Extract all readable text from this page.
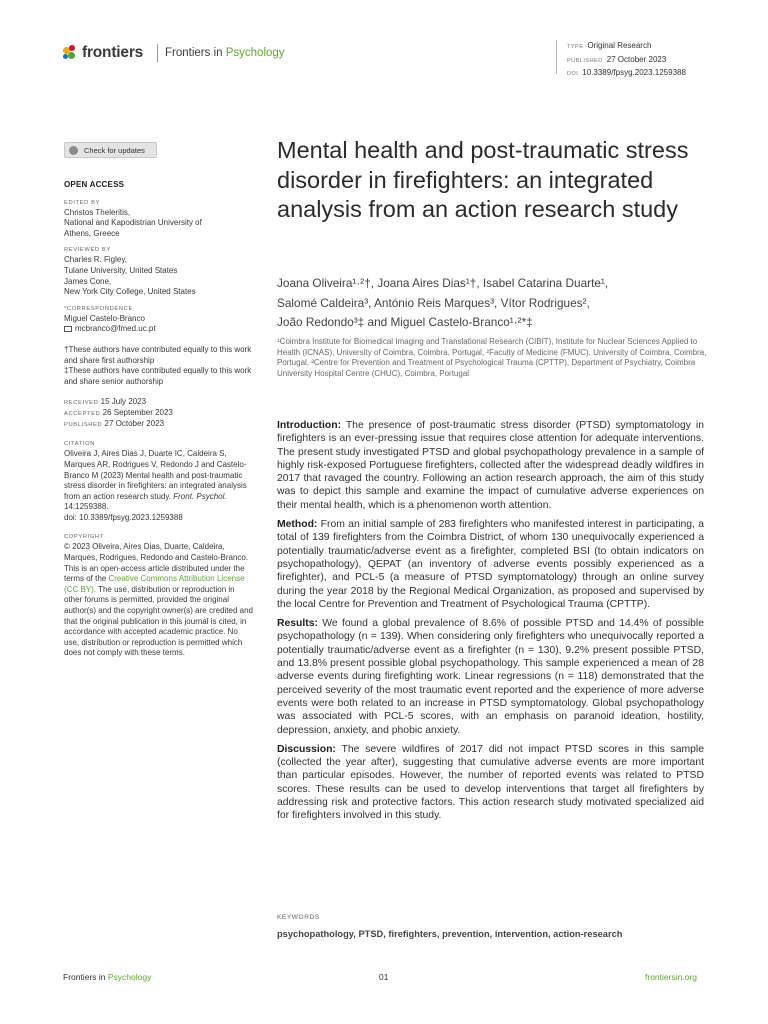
frontiers Frontiers in Psychology	TYPE Original Research
PUBLISHED 27 October 2023
DOI 10.3389/fpsyg.2023.1259388
Check for updates
OPEN ACCESS
EDITED BY
Christos Theleritis,
National and Kapodistrian University of
Athens, Greece
REVIEWED BY
Charles R. Figley,
Tulane University, United States
James Cone,
New York City College, United States
*CORRESPONDENCE
Miguel Castelo-Branco
mcbranco@fmed.uc.pt
†These authors have contributed equally to this work and share first authorship
‡These authors have contributed equally to this work and share senior authorship
RECEIVED 15 July 2023
ACCEPTED 26 September 2023
PUBLISHED 27 October 2023
CITATION
Oliveira J, Aires Dias J, Duarte IC, Caldeira S, Marques AR, Rodrigues V, Redondo J and Castelo-Branco M (2023) Mental health and post-traumatic stress disorder in firefighters: an integrated analysis from an action research study. Front. Psychol. 14:1259388.
doi: 10.3389/fpsyg.2023.1259388
COPYRIGHT
© 2023 Oliveira, Aires Dias, Duarte, Caldeira, Marques, Rodrigues, Redondo and Castelo-Branco. This is an open-access article distributed under the terms of the Creative Commons Attribution License (CC BY). The use, distribution or reproduction in other forums is permitted, provided the original author(s) and the copyright owner(s) are credited and that the original publication in this journal is cited, in accordance with accepted academic practice. No use, distribution or reproduction is permitted which does not comply with these terms.
Mental health and post-traumatic stress disorder in firefighters: an integrated analysis from an action research study
Joana Oliveira¹·²†, Joana Aires Dias¹†, Isabel Catarina Duarte¹,
Salomé Caldeira³, António Reis Marques³, Vítor Rodrigues²,
João Redondo³‡ and Miguel Castelo-Branco¹·²*‡
¹Coimbra Institute for Biomedical Imaging and Translational Research (CIBIT), Institute for Nuclear Sciences Applied to Health (ICNAS), University of Coimbra, Coimbra, Portugal, ²Faculty of Medicine (FMUC), University of Coimbra, Coimbra, Portugal, ³Centre for Prevention and Treatment of Psychological Trauma (CPTTP), Department of Psychiatry, Coimbra University Hospital Centre (CHUC), Coimbra, Portugal

Introduction: The presence of post-traumatic stress disorder (PTSD) symptomatology in firefighters is an ever-pressing issue that requires close attention for adequate interventions. The present study investigated PTSD and global psychopathology prevalence in a sample of highly risk-exposed Portuguese firefighters, collected after the widespread deadly wildfires in 2017 that ravaged the country. Following an action research approach, the aim of this study was to depict this sample and examine the impact of cumulative adverse experiences on their mental health, which is a phenomenon worth attention.

Method: From an initial sample of 283 firefighters who manifested interest in participating, a total of 139 firefighters from the Coimbra District, of whom 130 unequivocally experienced a potentially traumatic/adverse event as a firefighter, completed BSI (to obtain indicators on psychopathology), QEPAT (an inventory of adverse events possibly experienced as a firefighter), and PCL-5 (a measure of PTSD symptomatology) through an online survey during the year 2018 by the Regional Medical Organization, as proposed and supervised by the local Centre for Prevention and Treatment of Psychological Trauma (CPTTP).

Results: We found a global prevalence of 8.6% of possible PTSD and 14.4% of possible psychopathology (n = 139). When considering only firefighters who unequivocally reported a potentially traumatic/adverse event as a firefighter (n = 130), 9.2% present possible PTSD, and 13.8% present possible global psychopathology. This sample experienced a mean of 28 adverse events during firefighting work. Linear regressions (n = 118) demonstrated that the perceived severity of the most traumatic event reported and the experience of more adverse events were both related to an increase in PTSD symptomatology. Global psychopathology was associated with PCL-5 scores, with an emphasis on paranoid ideation, hostility, depression, anxiety, and phobic anxiety.

Discussion: The severe wildfires of 2017 did not impact PTSD scores in this sample (collected the year after), suggesting that cumulative adverse events are more important than particular episodes. However, the number of reported events was related to PTSD scores. These results can be used to develop interventions that target all firefighters by addressing risk and protective factors. This action research study motivated specialized aid for firefighters involved in this study.

KEYWORDS
psychopathology, PTSD, firefighters, prevention, intervention, action-research
Frontiers in Psychology	01	frontiersin.org
